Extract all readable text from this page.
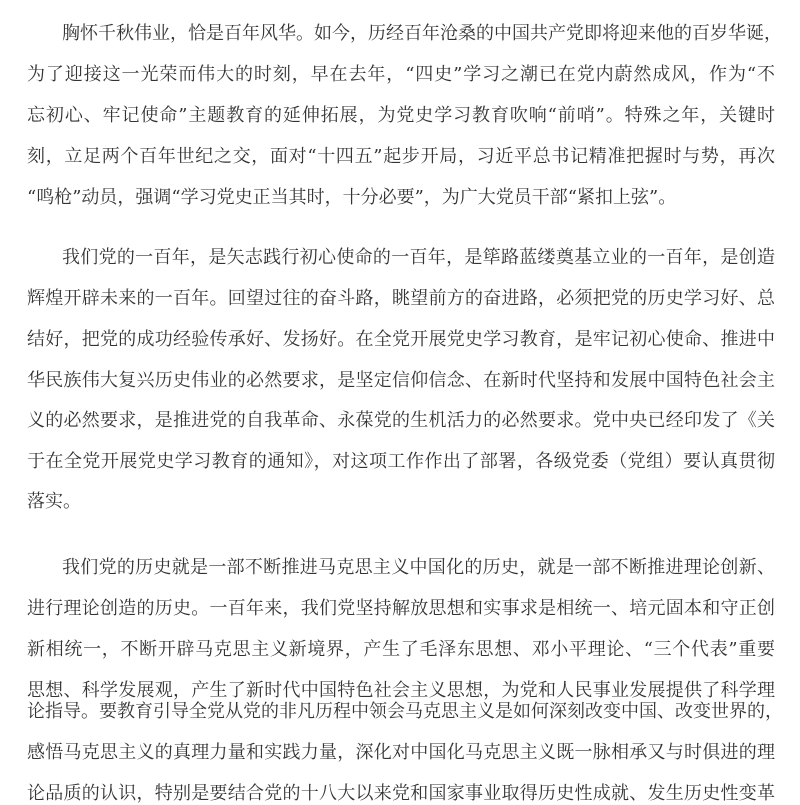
胸怀千秋伟业，恰是百年风华。如今，历经百年沧桑的中国共产党即将迎来他的百岁华诞，
为了迎接这一光荣而伟大的时刻，早在去年，“四史”学习之潮已在党内蔚然成风，作为“不
忘初心、牢记使命”主题教育的延伸拓展，为党史学习教育吹响“前哨”。特殊之年，关键时
刻，立足两个百年世纪之交，面对“十四五”起步开局，习近平总书记精准把握时与势，再次
“鸣枪”动员，强调“学习党史正当其时，十分必要”，为广大党员干部“紧扣上弦”。
我们党的一百年，是矢志践行初心使命的一百年，是筚路蓝缕奠基立业的一百年，是创造
辉煌开辟未来的一百年。回望过往的奋斗路，眺望前方的奋进路，必须把党的历史学习好、总
结好，把党的成功经验传承好、发扬好。在全党开展党史学习教育，是牢记初心使命、推进中
华民族伟大复兴历史伟业的必然要求，是坚定信仰信念、在新时代坚持和发展中国特色社会主
义的必然要求，是推进党的自我革命、永葆党的生机活力的必然要求。党中央已经印发了《关
于在全党开展党史学习教育的通知》，对这项工作作出了部署，各级党委（党组）要认真贯彻
落实。
我们党的历史就是一部不断推进马克思主义中国化的历史，就是一部不断推进理论创新、
进行理论创造的历史。一百年来，我们党坚持解放思想和实事求是相统一、培元固本和守正创
新相统一，不断开辟马克思主义新境界，产生了毛泽东思想、邓小平理论、“三个代表”重要
思想、科学发展观，产生了新时代中国特色社会主义思想，为党和人民事业发展提供了科学理
论指导。要教育引导全党从党的非凡历程中领会马克思主义是如何深刻改变中国、改变世界的，
感悟马克思主义的真理力量和实践力量，深化对中国化马克思主义既一脉相承又与时俱进的理
论品质的认识，特别是要结合党的十八大以来党和国家事业取得历史性成就、发生历史性变革
